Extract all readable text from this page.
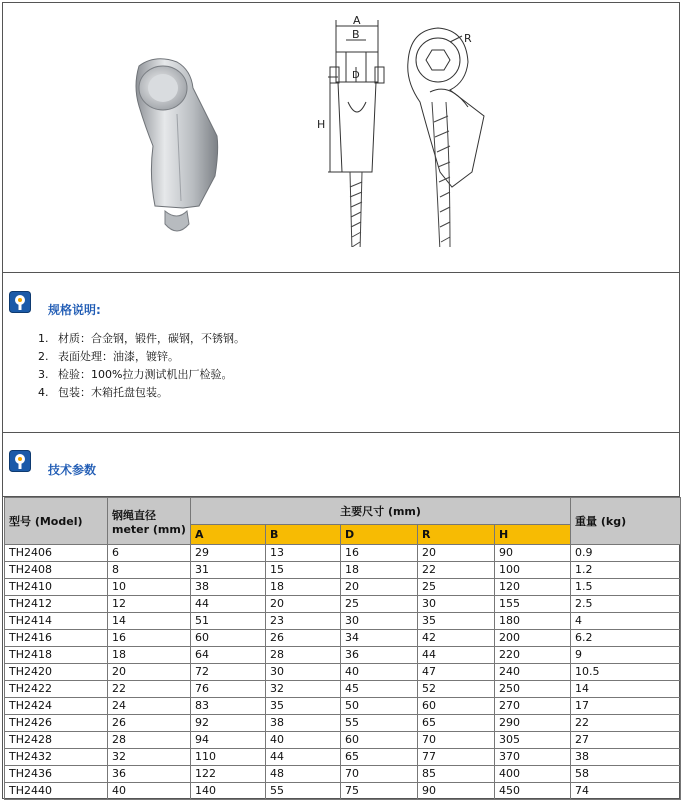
A
B
D
R
H
规格说明:
1. 材质：合金钢，锻件，碳钢，不锈钢。
2. 表面处理：油漆，镀锌。
3. 检验：100%拉力测试机出厂检验。
4. 包装：木箱托盘包装。
技术参数
型号 (Model)	钢绳直径 meter (mm)	主要尺寸 (mm)					重量 (kg)
		A	B	D	R	H	
TH2406	6	29	13	16	20	90	0.9
TH2408	8	31	15	18	22	100	1.2
TH2410	10	38	18	20	25	120	1.5
TH2412	12	44	20	25	30	155	2.5
TH2414	14	51	23	30	35	180	4
TH2416	16	60	26	34	42	200	6.2
TH2418	18	64	28	36	44	220	9
TH2420	20	72	30	40	47	240	10.5
TH2422	22	76	32	45	52	250	14
TH2424	24	83	35	50	60	270	17
TH2426	26	92	38	55	65	290	22
TH2428	28	94	40	60	70	305	27
TH2432	32	110	44	65	77	370	38
TH2436	36	122	48	70	85	400	58
TH2440	40	140	55	75	90	450	74
